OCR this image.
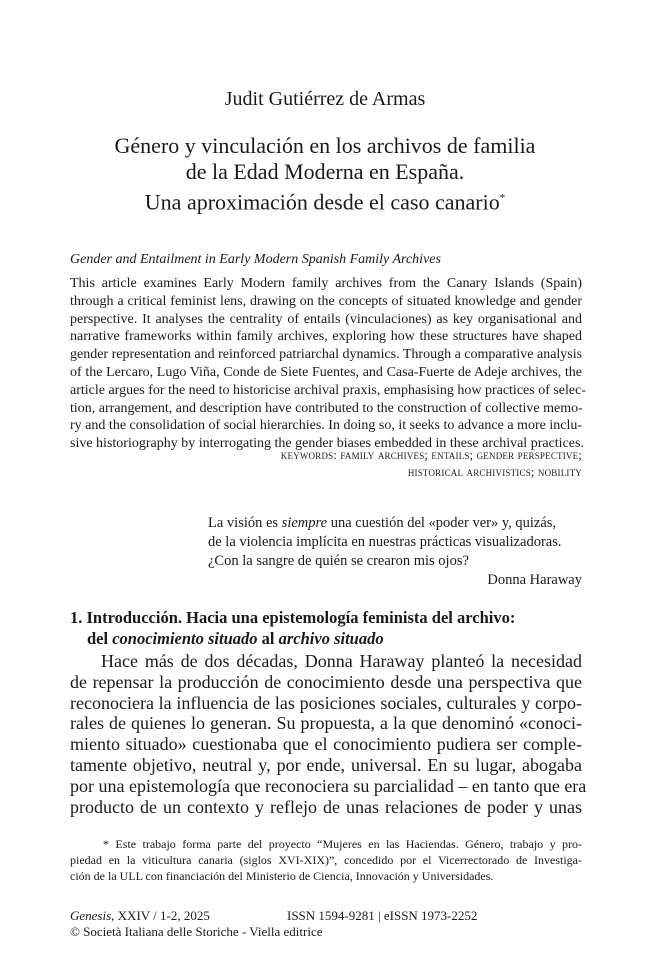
Judit Gutiérrez de Armas
Género y vinculación en los archivos de familia
de la Edad Moderna en España.
Una aproximación desde el caso canario*
Gender and Entailment in Early Modern Spanish Family Archives
This article examines Early Modern family archives from the Canary Islands (Spain)
through a critical feminist lens, drawing on the concepts of situated knowledge and gender
perspective. It analyses the centrality of entails (vinculaciones) as key organisational and
narrative frameworks within family archives, exploring how these structures have shaped
gender representation and reinforced patriarchal dynamics. Through a comparative analysis
of the Lercaro, Lugo Viña, Conde de Siete Fuentes, and Casa-Fuerte de Adeje archives, the
article argues for the need to historicise archival praxis, emphasising how practices of selec-
tion, arrangement, and description have contributed to the construction of collective memo-
ry and the consolidation of social hierarchies. In doing so, it seeks to advance a more inclu-
sive historiography by interrogating the gender biases embedded in these archival practices.
keywords: family archives; entails; gender perspective;
historical archivistics; nobility
La visión es siempre una cuestión del «poder ver» y, quizás,
de la violencia implícita en nuestras prácticas visualizadoras.
¿Con la sangre de quién se crearon mis ojos?
Donna Haraway
1. Introducción. Hacia una epistemología feminista del archivo:
del conocimiento situado al archivo situado
Hace más de dos décadas, Donna Haraway planteó la necesidad
de repensar la producción de conocimiento desde una perspectiva que
reconociera la influencia de las posiciones sociales, culturales y corpo-
rales de quienes lo generan. Su propuesta, a la que denominó «conoci-
miento situado» cuestionaba que el conocimiento pudiera ser comple-
tamente objetivo, neutral y, por ende, universal. En su lugar, abogaba
por una epistemología que reconociera su parcialidad – en tanto que era
producto de un contexto y reflejo de unas relaciones de poder y unas
* Este trabajo forma parte del proyecto “Mujeres en las Haciendas. Género, trabajo y pro-
piedad en la viticultura canaria (siglos XVI-XIX)”, concedido por el Vicerrectorado de Investiga-
ción de la ULL con financiación del Ministerio de Ciencia, Innovación y Universidades.
Genesis, XXIV / 1-2, 2025	ISSN 1594-9281 | eISSN 1973-2252
© Società Italiana delle Storiche - Viella editrice
